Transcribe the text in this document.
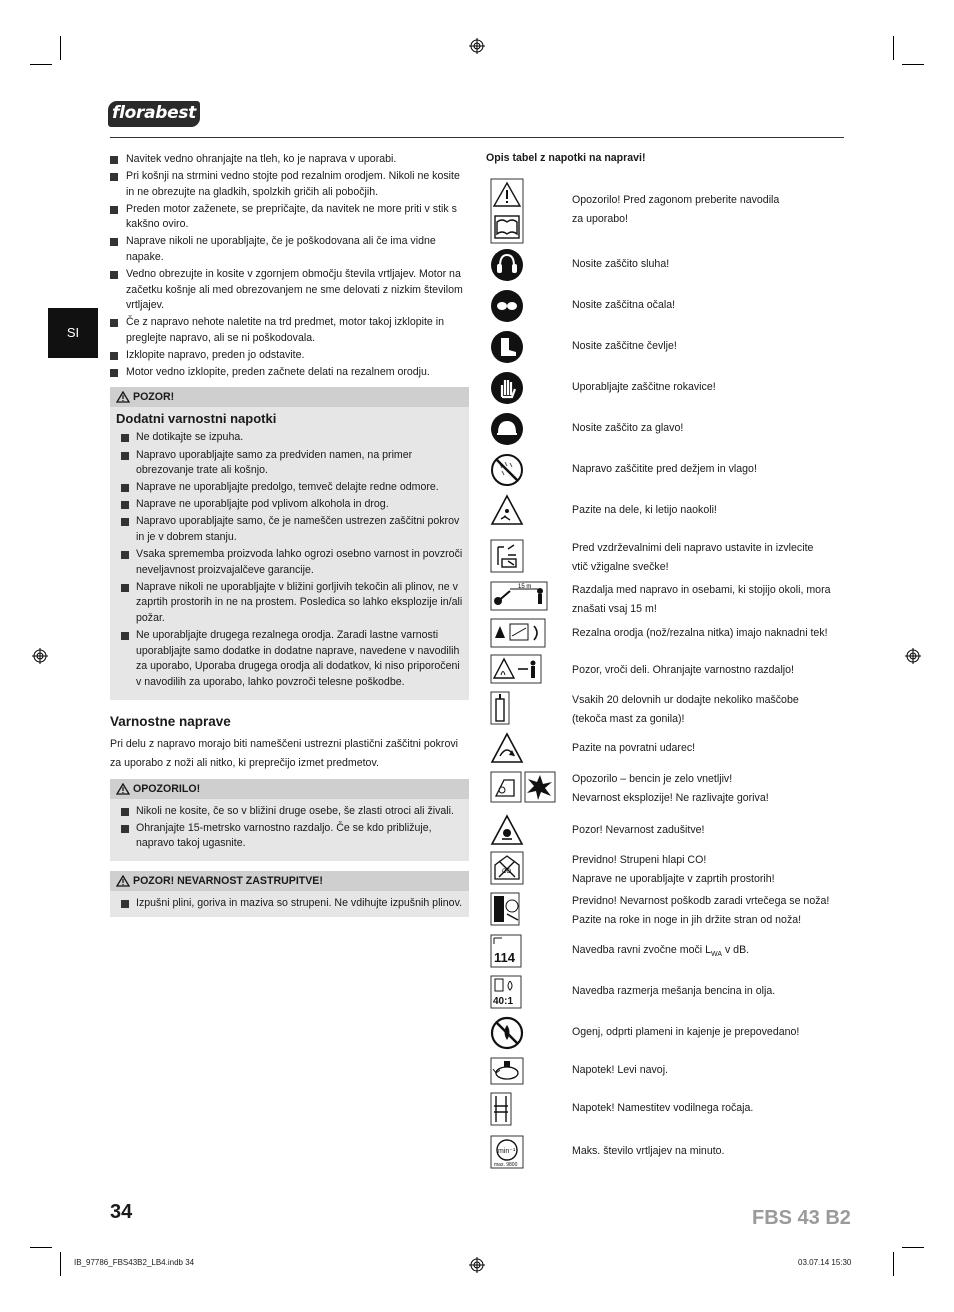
florabest
SI
Navitek vedno ohranjajte na tleh, ko je naprava v uporabi.
Pri košnji na strmini vedno stojte pod rezalnim orodjem. Nikoli ne kosite in ne obrezujte na gladkih, spolzkih gričih ali pobočjih.
Preden motor zaženete, se prepričajte, da navitek ne more priti v stik s kakšno oviro.
Naprave nikoli ne uporabljajte, če je poškodovana ali če ima vidne napake.
Vedno obrezujte in kosite v zgornjem območju števila vrtljajev. Motor na začetku košnje ali med obrezovanjem ne sme delovati z nizkim številom vrtljajev.
Če z napravo nehote naletite na trd predmet, motor takoj izklopite in preglejte napravo, ali se ni poškodovala.
Izklopite napravo, preden jo odstavite.
Motor vedno izklopite, preden začnete delati na rezalnem orodju.
POZOR!
Dodatni varnostni napotki
Ne dotikajte se izpuha.
Napravo uporabljajte samo za predviden namen, na primer obrezovanje trate ali košnjo.
Naprave ne uporabljajte predolgo, temveč delajte redne odmore.
Naprave ne uporabljajte pod vplivom alkohola in drog.
Napravo uporabljajte samo, če je nameščen ustrezen zaščitni pokrov in je v dobrem stanju.
Vsaka sprememba proizvoda lahko ogrozi osebno varnost in povzroči neveljavnost proizvajalčeve garancije.
Naprave nikoli ne uporabljajte v bližini gorljivih tekočin ali plinov, ne v zaprtih prostorih in ne na prostem. Posledica so lahko eksplozije in/ali požar.
Ne uporabljajte drugega rezalnega orodja. Zaradi lastne varnosti uporabljajte samo dodatke in dodatne naprave, navedene v navodilih za uporabo, Uporaba drugega orodja ali dodatkov, ki niso priporočeni v navodilih za uporabo, lahko povzroči telesne poškodbe.
Varnostne naprave
Pri delu z napravo morajo biti nameščeni ustrezni plastični zaščitni pokrovi za uporabo z noži ali nitko, ki preprečijo izmet predmetov.
OPOZORILO!
Nikoli ne kosite, če so v bližini druge osebe, še zlasti otroci ali živali.
Ohranjajte 15-metrsko varnostno razdaljo. Če se kdo približuje, napravo takoj ugasnite.
POZOR! NEVARNOST ZASTRUPITVE!
Izpušni plini, goriva in maziva so strupeni. Ne vdihujte izpušnih plinov.
Opis tabel z napotki na napravi!
Opozorilo! Pred zagonom preberite navodila
za uporabo!
Nosite zaščito sluha!
Nosite zaščitna očala!
Nosite zaščitne čevlje!
Uporabljajte zaščitne rokavice!
Nosite zaščito za glavo!
Napravo zaščitite pred dežjem in vlago!
Pazite na dele, ki letijo naokoli!
Pred vzdrževalnimi deli napravo ustavite in izvlecite
vtič vžigalne svečke!
15 m	Razdalja med napravo in osebami, ki stojijo okoli, mora
znašati vsaj 15 m!
Rezalna orodja (nož/rezalna nitka) imajo naknadni tek!
Pozor, vroči deli. Ohranjajte varnostno razdaljo!
Vsakih 20 delovnih ur dodajte nekoliko maščobe
(tekoča mast za gonila)!
Pazite na povratni udarec!
Opozorilo – bencin je zelo vnetljiv!
Nevarnost eksplozije! Ne razlivajte goriva!
Pozor! Nevarnost zadušitve!
CO
Previdno! Strupeni hlapi CO!
Naprave ne uporabljajte v zaprtih prostorih!
Previdno! Nevarnost poškodb zaradi vrtečega se noža!
Pazite na roke in noge in jih držite stran od noža!
114
Navedba ravni zvočne moči $L_{WA}$ v dB.
40:1
Navedba razmerja mešanja bencina in olja.
Ogenj, odprti plameni in kajenje je prepovedano!
Napotek! Levi navoj.
Napotek! Namestitev vodilnega ročaja.
min⁻¹
max. 9800
Maks. število vrtljajev na minuto.
34	FBS 43 B2
IB_97786_FBS43B2_LB4.indb 34	03.07.14 15:30
